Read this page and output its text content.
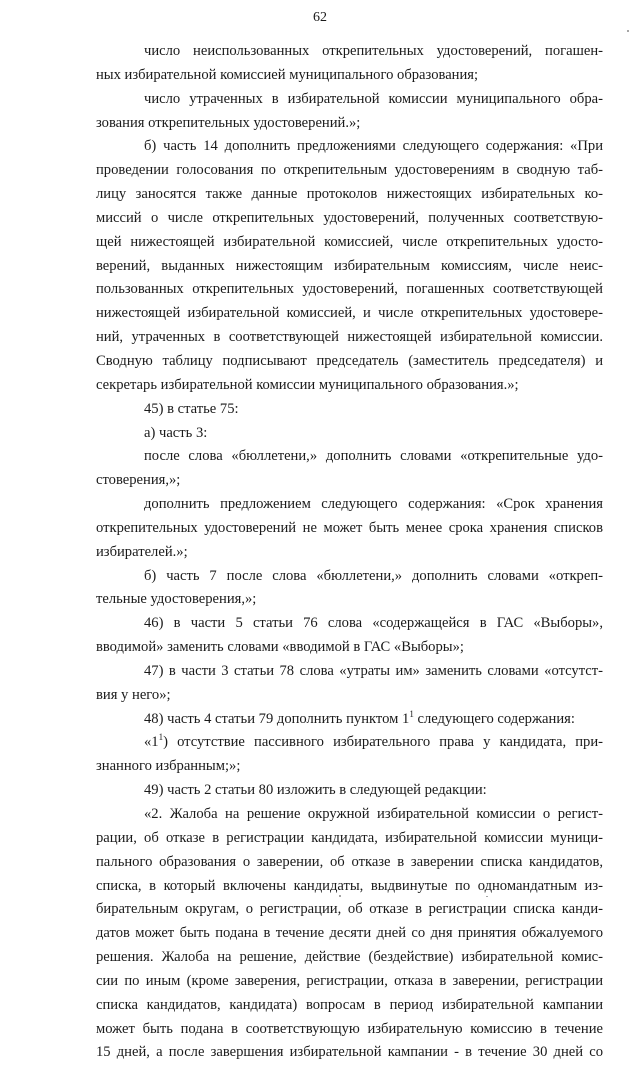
62
число неиспользованных открепительных удостоверений, погашен-
ных избирательной комиссией муниципального образования;
число утраченных в избирательной комиссии муниципального обра-
зования открепительных удостоверений.»;
б) часть 14 дополнить предложениями следующего содержания: «При
проведении голосования по открепительным удостоверениям в сводную таб-
лицу заносятся также данные протоколов нижестоящих избирательных ко-
миссий о числе открепительных удостоверений, полученных соответствую-
щей нижестоящей избирательной комиссией, числе открепительных удосто-
верений, выданных нижестоящим избирательным комиссиям, числе неис-
пользованных открепительных удостоверений, погашенных соответствующей
нижестоящей избирательной комиссией, и числе открепительных удостовере-
ний, утраченных в соответствующей нижестоящей избирательной комиссии.
Сводную таблицу подписывают председатель (заместитель председателя) и
секретарь избирательной комиссии муниципального образования.»;
45) в статье 75:
а) часть 3:
после слова «бюллетени,» дополнить словами «открепительные удо-
стоверения,»;
дополнить предложением следующего содержания: «Срок хранения
открепительных удостоверений не может быть менее срока хранения списков
избирателей.»;
б) часть 7 после слова «бюллетени,» дополнить словами «откреп-
тельные удостоверения,»;
46) в части 5 статьи 76 слова «содержащейся в ГАС «Выборы»,
вводимой» заменить словами «вводимой в ГАС «Выборы»;
47) в части 3 статьи 78 слова «утраты им» заменить словами «отсутст-
вия у него»;
48) часть 4 статьи 79 дополнить пунктом $1^1$ следующего содержания:
«$1^1$) отсутствие пассивного избирательного права у кандидата, при-
знанного избранным;»;
49) часть 2 статьи 80 изложить в следующей редакции:
«2. Жалоба на решение окружной избирательной комиссии о регист-
рации, об отказе в регистрации кандидата, избирательной комиссии муници-
пального образования о заверении, об отказе в заверении списка кандидатов,
списка, в который включены кандидаты, выдвинутые по одномандатным из-
бирательным округам, о регистрации, об отказе в регистрации списка канди-
датов может быть подана в течение десяти дней со дня принятия обжалуемого
решения. Жалоба на решение, действие (бездействие) избирательной комис-
сии по иным (кроме заверения, регистрации, отказа в заверении, регистрации
списка кандидатов, кандидата) вопросам в период избирательной кампании
может быть подана в соответствующую избирательную комиссию в течение
15 дней, а после завершения избирательной кампании - в течение 30 дней со
